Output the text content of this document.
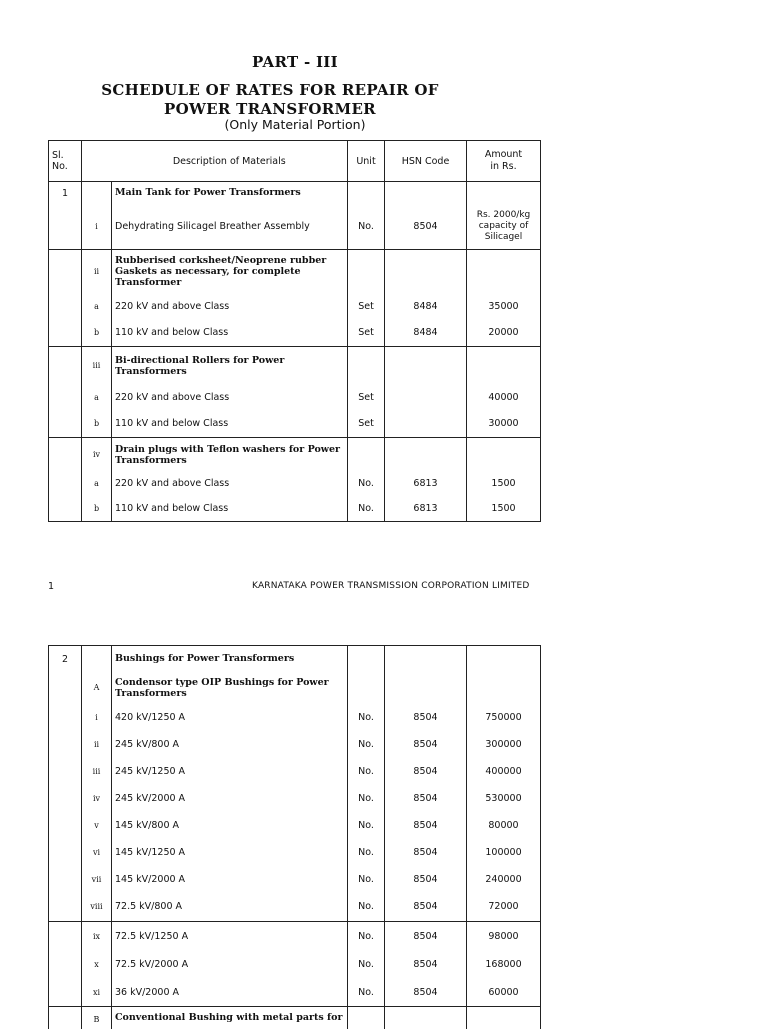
PART - III
SCHEDULE OF RATES FOR REPAIR OF POWER TRANSFORMER
(Only Material Portion)
Sl. No.		Description of Materials	Unit	HSN Code	Amount in Rs.
1		Main Tank for Power Transformers			
	i	Dehydrating Silicagel Breather Assembly	No.	8504	Rs. 2000/kg capacity of Silicagel
	ii	Rubberised corksheet/Neoprene rubber Gaskets as necessary, for complete Transformer			
	a	220 kV and above Class	Set	8484	35000
	b	110 kV and below Class	Set	8484	20000
	iii	Bi-directional Rollers for Power Transformers			
	a	220 kV and above Class	Set		40000
	b	110 kV and below Class	Set		30000
	iv	Drain plugs with Teflon washers for Power Transformers			
	a	220 kV and above Class	No.	6813	1500
	b	110 kV and below Class	No.	6813	1500
1	KARNATAKA POWER TRANSMISSION CORPORATION LIMITED
2		Bushings for Power Transformers			
	A	Condensor type OIP Bushings for Power Transformers			
	i	420 kV/1250 A	No.	8504	750000
	ii	245 kV/800 A	No.	8504	300000
	iii	245 kV/1250 A	No.	8504	400000
	iv	245 kV/2000 A	No.	8504	530000
	v	145 kV/800 A	No.	8504	80000
	vi	145 kV/1250 A	No.	8504	100000
	vii	145 kV/2000 A	No.	8504	240000
	viii	72.5 kV/800 A	No.	8504	72000
	ix	72.5 kV/1250 A	No.	8504	98000
	x	72.5 kV/2000 A	No.	8504	168000
	xi	36 kV/2000 A	No.	8504	60000
	B	Conventional Bushing with metal parts for			
